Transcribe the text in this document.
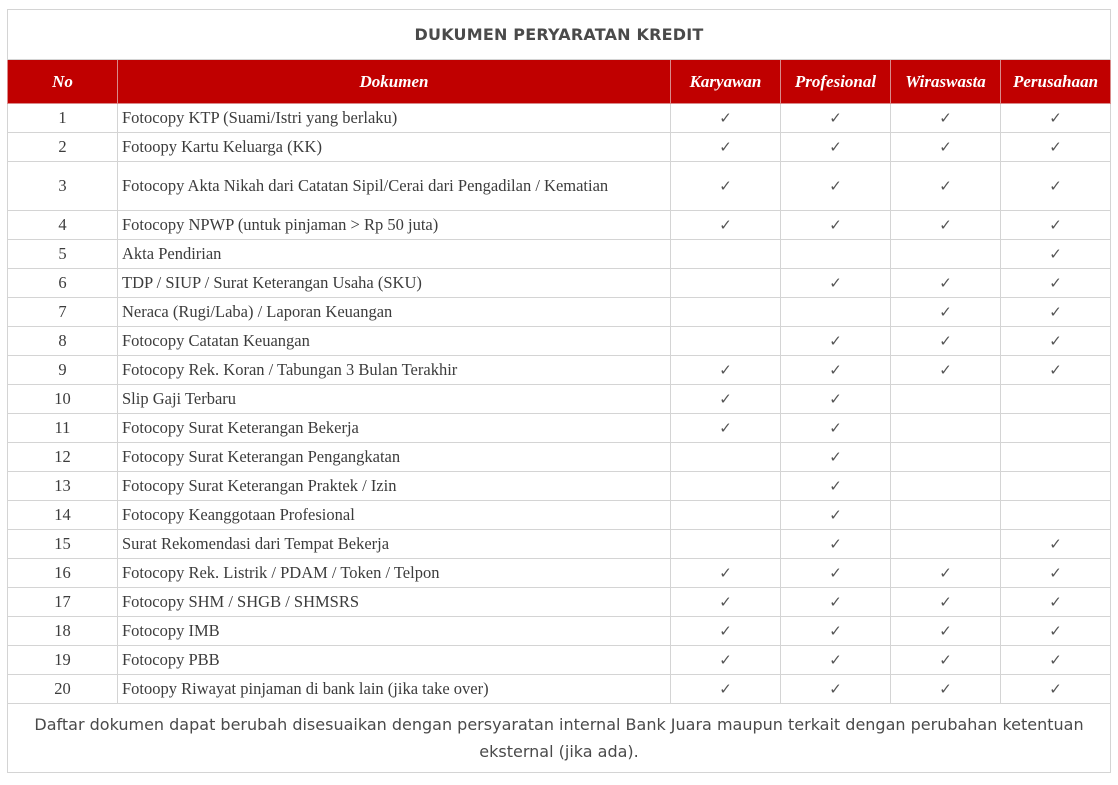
DUKUMEN PERYARATAN KREDIT					
No	Dokumen	Karyawan	Profesional	Wiraswasta	Perusahaan
1	Fotocopy KTP (Suami/Istri yang berlaku)	✓	✓	✓	✓
2	Fotoopy Kartu Keluarga (KK)	✓	✓	✓	✓
3	Fotocopy Akta Nikah dari Catatan Sipil/Cerai dari Pengadilan / Kematian	✓	✓	✓	✓
4	Fotocopy NPWP (untuk pinjaman > Rp 50 juta)	✓	✓	✓	✓
5	Akta Pendirian				✓
6	TDP / SIUP / Surat Keterangan Usaha (SKU)		✓	✓	✓
7	Neraca (Rugi/Laba) / Laporan Keuangan			✓	✓
8	Fotocopy Catatan Keuangan		✓	✓	✓
9	Fotocopy Rek. Koran / Tabungan 3 Bulan Terakhir	✓	✓	✓	✓
10	Slip Gaji Terbaru	✓	✓		
11	Fotocopy Surat Keterangan Bekerja	✓	✓		
12	Fotocopy Surat Keterangan Pengangkatan		✓		
13	Fotocopy Surat Keterangan Praktek / Izin		✓		
14	Fotocopy Keanggotaan Profesional		✓		
15	Surat Rekomendasi dari Tempat Bekerja		✓		✓
16	Fotocopy Rek. Listrik / PDAM / Token / Telpon	✓	✓	✓	✓
17	Fotocopy SHM / SHGB / SHMSRS	✓	✓	✓	✓
18	Fotocopy IMB	✓	✓	✓	✓
19	Fotocopy PBB	✓	✓	✓	✓
20	Fotoopy Riwayat pinjaman di bank lain (jika take over)	✓	✓	✓	✓
Daftar dokumen dapat berubah disesuaikan dengan persyaratan internal Bank Juara maupun terkait dengan perubahan ketentuan eksternal (jika ada).					
